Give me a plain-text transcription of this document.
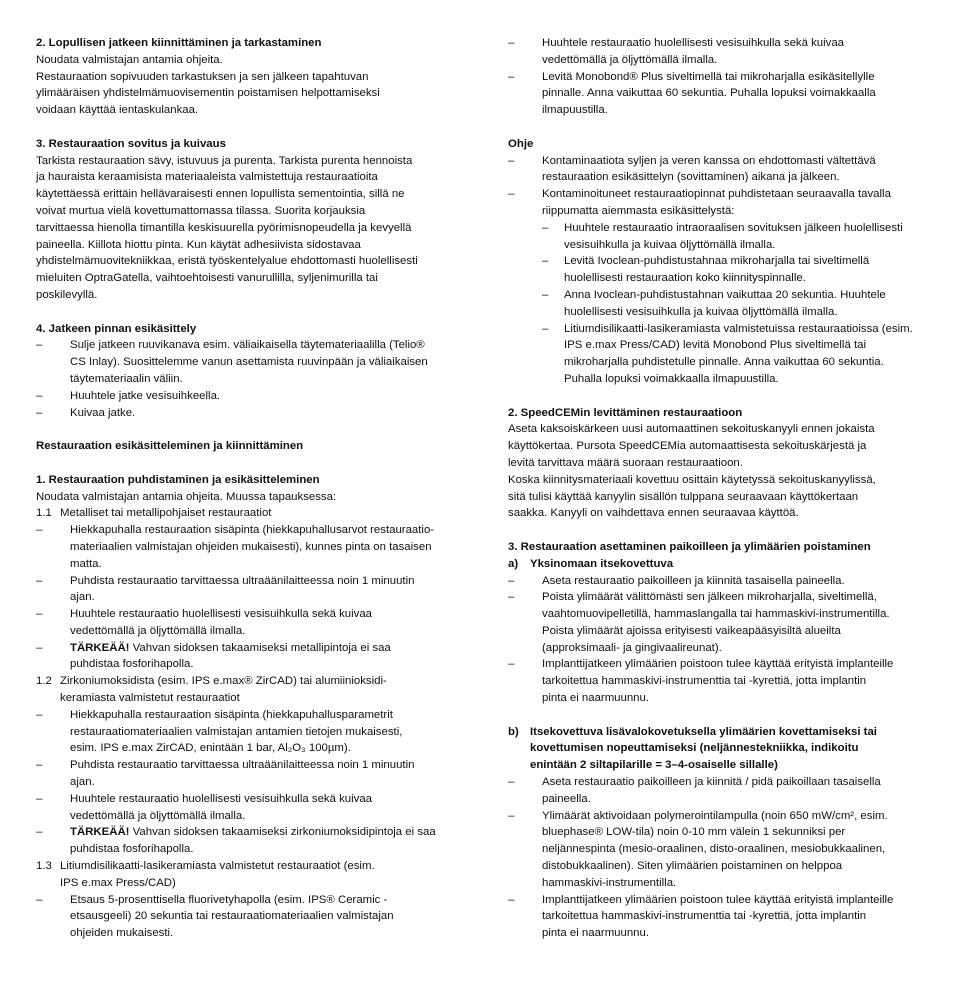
2. Lopullisen jatkeen kiinnittäminen ja tarkastaminen
Noudata valmistajan antamia ohjeita.
Restauraation sopivuuden tarkastuksen ja sen jälkeen tapahtuvan
ylimääräisen yhdistelmämuovisementin poistamisen helpottamiseksi
voidaan käyttää ientaskulankaa.
3. Restauraation sovitus ja kuivaus
Tarkista restauraation sävy, istuvuus ja purenta. Tarkista purenta hennoista
ja hauraista keraamisista materiaaleista valmistettuja restauraatioita
käytettäessä erittäin hellävaraisesti ennen lopullista sementointia, sillä ne
voivat murtua vielä kovettumattomassa tilassa. Suorita korjauksia
tarvittaessa hienolla timantilla keskisuurella pyörimisnopeudella ja kevyellä
paineella. Kiillota hiottu pinta. Kun käytät adhesiivista sidostavaa
yhdistelmämuovitekniikkaa, eristä työskentelyalue ehdottomasti huolellisesti
mieluiten OptraGatella, vaihtoehtoisesti vanurullilla, syljenimurilla tai
poskilevyllä.
4. Jatkeen pinnan esikäsittely
– Sulje jatkeen ruuvikanava esim. väliaikaisella täytemateriaalilla (Telio®
CS Inlay). Suosittelemme vanun asettamista ruuvinpään ja väliaikaisen
täytemateriaalin väliin.
– Huuhtele jatke vesisuihkeella.
– Kuivaa jatke.
Restauraation esikäsitteleminen ja kiinnittäminen
1. Restauraation puhdistaminen ja esikäsitteleminen
Noudata valmistajan antamia ohjeita. Muussa tapauksessa:
1.1 Metalliset tai metallipohjaiset restauraatiot
– Hiekkapuhalla restauraation sisäpinta (hiekkapuhallusarvot restauraatio-
materiaalien valmistajan ohjeiden mukaisesti), kunnes pinta on tasaisen
matta.
– Puhdista restauraatio tarvittaessa ultraäänilaitteessa noin 1 minuutin
ajan.
– Huuhtele restauraatio huolellisesti vesisuihkulla sekä kuivaa
vedettömällä ja öljyttömällä ilmalla.
– TÄRKEÄÄ! Vahvan sidoksen takaamiseksi metallipintoja ei saa
puhdistaa fosforihapolla.
1.2 Zirkoniumoksidista (esim. IPS e.max® ZirCAD) tai alumiinioksidi-
keramiasta valmistetut restauraatiot
– Hiekkapuhalla restauraation sisäpinta (hiekkapuhallusparametrit
restauraatiomateriaalien valmistajan antamien tietojen mukaisesti,
esim. IPS e.max ZirCAD, enintään 1 bar, Al₂O₃ 100µm).
– Puhdista restauraatio tarvittaessa ultraäänilaitteessa noin 1 minuutin
ajan.
– Huuhtele restauraatio huolellisesti vesisuihkulla sekä kuivaa
vedettömällä ja öljyttömällä ilmalla.
– TÄRKEÄÄ! Vahvan sidoksen takaamiseksi zirkoniumoksidipintoja ei saa
puhdistaa fosforihapolla.
1.3 Litiumdisilikaatti-lasikeramiasta valmistetut restauraatiot (esim.
IPS e.max Press/CAD)
– Etsaus 5-prosenttisella fluorivetyhapolla (esim. IPS® Ceramic -
etsausgeeli) 20 sekuntia tai restauraatiomateriaalien valmistajan
ohjeiden mukaisesti.
– Huuhtele restauraatio huolellisesti vesisuihkulla sekä kuivaa
vedettömällä ja öljyttömällä ilmalla.
– Levitä Monobond® Plus siveltimellä tai mikroharjalla esikäsitellylle
pinnalle. Anna vaikuttaa 60 sekuntia. Puhalla lopuksi voimakkaalla
ilmapuustilla.
Ohje
– Kontaminaatiota syljen ja veren kanssa on ehdottomasti vältettävä
restauraation esikäsittelyn (sovittaminen) aikana ja jälkeen.
– Kontaminoituneet restauraatiopinnat puhdistetaan seuraavalla tavalla
riippumatta aiemmasta esikäsittelystä:
– Huuhtele restauraatio intraoraalisen sovituksen jälkeen huolellisesti
vesisuihkulla ja kuivaa öljyttömällä ilmalla.
– Levitä Ivoclean-puhdistustahnaa mikroharjalla tai siveltimellä
huolellisesti restauraation koko kiinnityspinnalle.
– Anna Ivoclean-puhdistustahnan vaikuttaa 20 sekuntia. Huuhtele
huolellisesti vesisuihkulla ja kuivaa öljyttömällä ilmalla.
– Litiumdisilikaatti-lasikeramiasta valmistetuissa restauraatioissa (esim.
IPS e.max Press/CAD) levitä Monobond Plus siveltimellä tai
mikroharjalla puhdistetulle pinnalle. Anna vaikuttaa 60 sekuntia.
Puhalla lopuksi voimakkaalla ilmapuustilla.
2. SpeedCEMin levittäminen restauraatioon
Aseta kaksoiskärkeen uusi automaattinen sekoituskanyyli ennen jokaista
käyttökertaa. Pursota SpeedCEMia automaattisesta sekoituskärjestä ja
levitä tarvittava määrä suoraan restauraatioon.
Koska kiinnitysmateriaali kovettuu osittain käytetyssä sekoituskanyylissä,
sitä tulisi käyttää kanyylin sisällön tulppana seuraavaan käyttökertaan
saakka. Kanyyli on vaihdettava ennen seuraavaa käyttöä.
3. Restauraation asettaminen paikoilleen ja ylimäärien poistaminen
a) Yksinomaan itsekovettuva
– Aseta restauraatio paikoilleen ja kiinnitä tasaisella paineella.
– Poista ylimäärät välittömästi sen jälkeen mikroharjalla, siveltimellä,
vaahtomuovipelletillä, hammaslangalla tai hammaskivi-instrumentilla.
Poista ylimäärät ajoissa erityisesti vaikeapääsyisiltä alueilta
(approksimaali- ja gingivaalireunat).
– Implanttijatkeen ylimäärien poistoon tulee käyttää erityistä implanteille
tarkoitettua hammaskivi-instrumenttia tai -kyrettiä, jotta implantin
pinta ei naarmuunnu.
b) Itsekovettuva lisävalokovetuksella ylimäärien kovettamiseksi tai
kovettumisen nopeuttamiseksi (neljännestekniikka, indikoitu
enintään 2 siltapilarille = 3–4-osaiselle sillalle)
– Aseta restauraatio paikoilleen ja kiinnitä / pidä paikoillaan tasaisella
paineella.
– Ylimäärät aktivoidaan polymerointilampulla (noin 650 mW/cm², esim.
bluephase® LOW-tila) noin 0-10 mm välein 1 sekunniksi per
neljännespinta (mesio-oraalinen, disto-oraalinen, mesiobukkaalinen,
distobukkaalinen). Siten ylimäärien poistaminen on helppoa
hammaskivi-instrumentilla.
– Implanttijatkeen ylimäärien poistoon tulee käyttää erityistä implanteille
tarkoitettua hammaskivi-instrumenttia tai -kyrettiä, jotta implantin
pinta ei naarmuunnu.
